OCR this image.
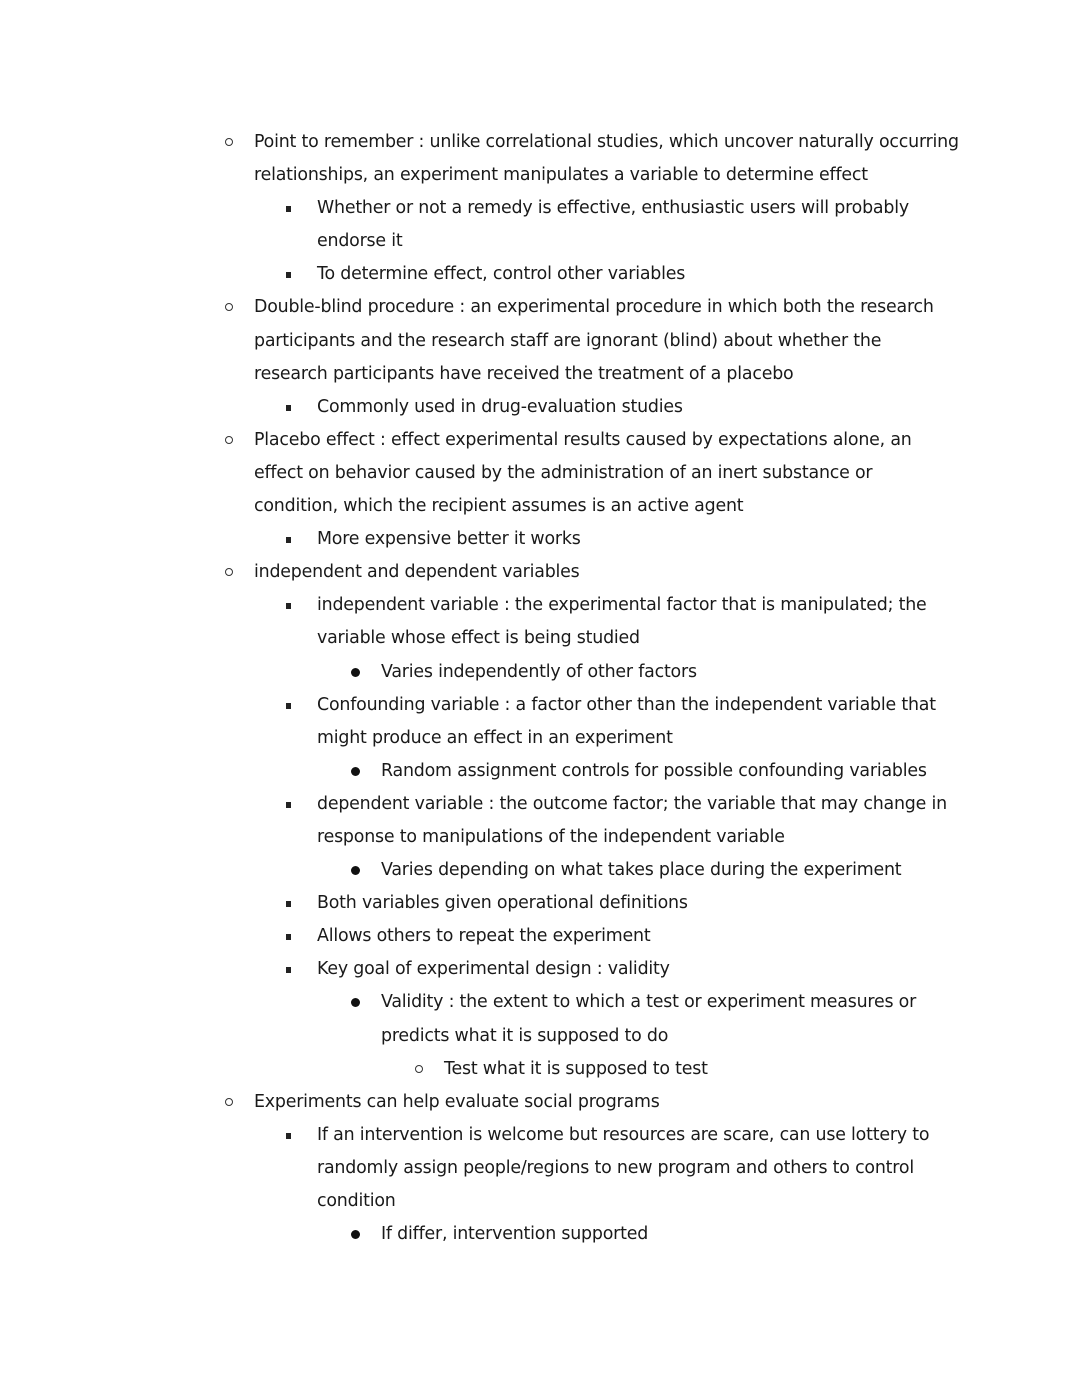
Point to remember : unlike correlational studies, which uncover naturally occurring relationships, an experiment manipulates a variable to determine effect
Whether or not a remedy is effective, enthusiastic users will probably endorse it
To determine effect, control other variables
Double-blind procedure : an experimental procedure in which both the research participants and the research staff are ignorant (blind) about whether the research participants have received the treatment of a placebo
Commonly used in drug-evaluation studies
Placebo effect : effect experimental results caused by expectations alone, an effect on behavior caused by the administration of an inert substance or condition, which the recipient assumes is an active agent
More expensive better it works
independent and dependent variables
independent variable : the experimental factor that is manipulated; the variable whose effect is being studied
Varies independently of other factors
Confounding variable : a factor other than the independent variable that might produce an effect in an experiment
Random assignment controls for possible confounding variables
dependent variable : the outcome factor; the variable that may change in response to manipulations of the independent variable
Varies depending on what takes place during the experiment
Both variables given operational definitions
Allows others to repeat the experiment
Key goal of experimental design : validity
Validity : the extent to which a test or experiment measures or predicts what it is supposed to do
Test what it is supposed to test
Experiments can help evaluate social programs
If an intervention is welcome but resources are scare, can use lottery to randomly assign people/regions to new program and others to control condition
If differ, intervention supported
